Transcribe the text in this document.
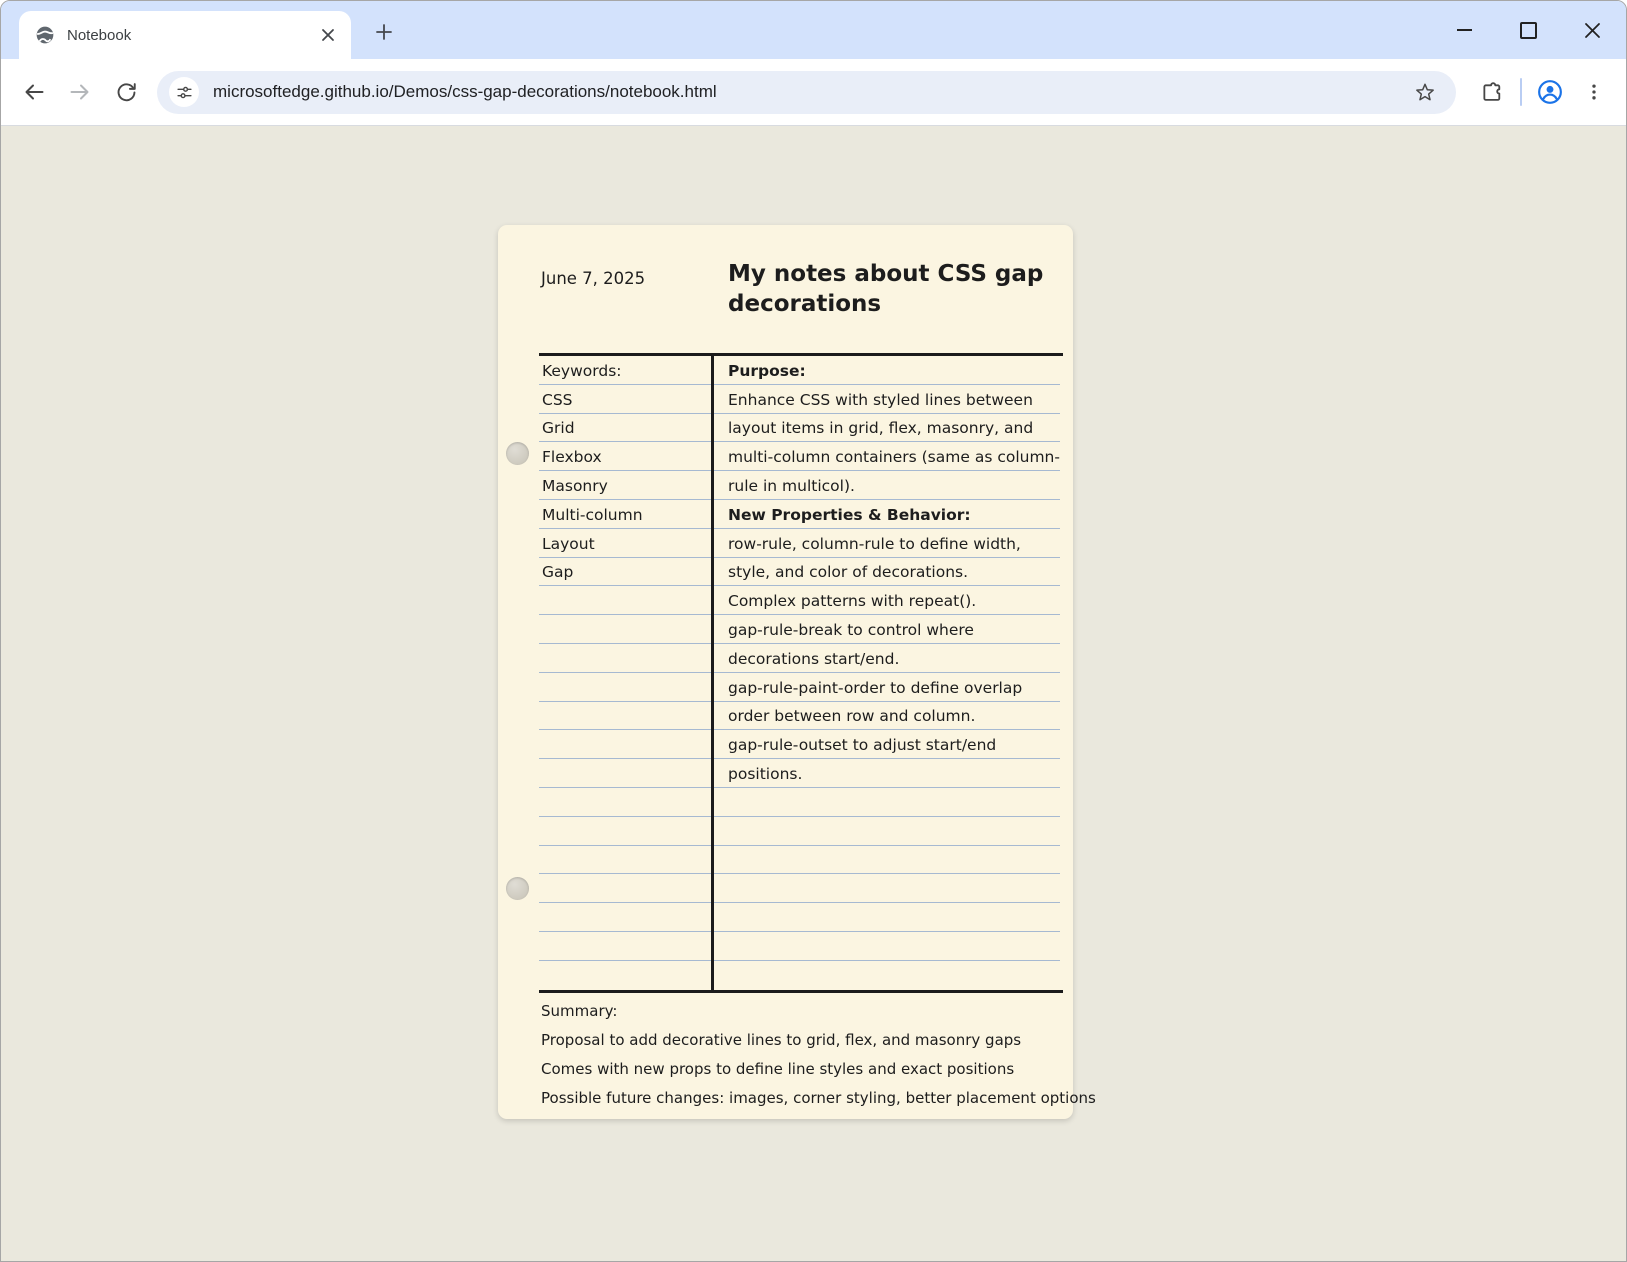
Notebook
microsoftedge.github.io/Demos/css-gap-decorations/notebook.html
June 7, 2025	My notes about CSS gap decorations
Keywords:
CSS
Grid
Flexbox
Masonry
Multi-column
Layout
Gap
Purpose:
Enhance CSS with styled lines between
layout items in grid, flex, masonry, and
multi-column containers (same as column-
rule in multicol).
New Properties & Behavior:
row-rule, column-rule to define width,
style, and color of decorations.
Complex patterns with repeat().
gap-rule-break to control where
decorations start/end.
gap-rule-paint-order to define overlap
order between row and column.
gap-rule-outset to adjust start/end
positions.
Summary:
Proposal to add decorative lines to grid, flex, and masonry gaps
Comes with new props to define line styles and exact positions
Possible future changes: images, corner styling, better placement options
